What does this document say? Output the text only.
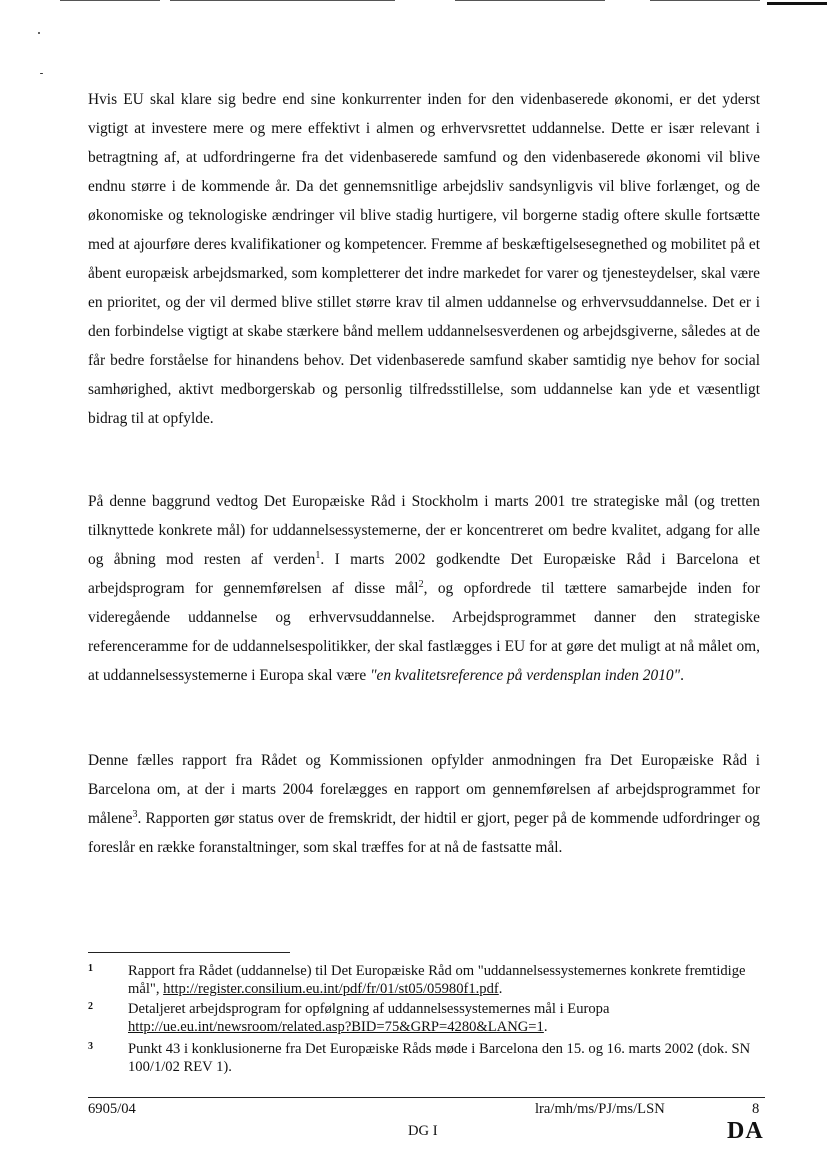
Hvis EU skal klare sig bedre end sine konkurrenter inden for den videnbaserede økonomi, er det yderst vigtigt at investere mere og mere effektivt i almen og erhvervsrettet uddannelse. Dette er især relevant i betragtning af, at udfordringerne fra det videnbaserede samfund og den videnbaserede økonomi vil blive endnu større i de kommende år. Da det gennemsnitlige arbejdsliv sandsynligvis vil blive forlænget, og de økonomiske og teknologiske ændringer vil blive stadig hurtigere, vil borgerne stadig oftere skulle fortsætte med at ajourføre deres kvalifikationer og kompetencer. Fremme af beskæftigelsesegnethed og mobilitet på et åbent europæisk arbejdsmarked, som kompletterer det indre markedet for varer og tjenesteydelser, skal være en prioritet, og der vil dermed blive stillet større krav til almen uddannelse og erhvervsuddannelse. Det er i den forbindelse vigtigt at skabe stærkere bånd mellem uddannelsesverdenen og arbejdsgiverne, således at de får bedre forståelse for hinandens behov. Det videnbaserede samfund skaber samtidig nye behov for social samhørighed, aktivt medborgerskab og personlig tilfredsstillelse, som uddannelse kan yde et væsentligt bidrag til at opfylde.

På denne baggrund vedtog Det Europæiske Råd i Stockholm i marts 2001 tre strategiske mål (og tretten tilknyttede konkrete mål) for uddannelsessystemerne, der er koncentreret om bedre kvalitet, adgang for alle og åbning mod resten af verden$^1$. I marts 2002 godkendte Det Europæiske Råd i Barcelona et arbejdsprogram for gennemførelsen af disse mål$^2$, og opfordrede til tættere samarbejde inden for videregående uddannelse og erhvervsuddannelse. Arbejdsprogrammet danner den strategiske referenceramme for de uddannelsespolitikker, der skal fastlægges i EU for at gøre det muligt at nå målet om, at uddannelsessystemerne i Europa skal være "en kvalitetsreference på verdensplan inden 2010".

Denne fælles rapport fra Rådet og Kommissionen opfylder anmodningen fra Det Europæiske Råd i Barcelona om, at der i marts 2004 forelægges en rapport om gennemførelsen af arbejdsprogrammet for målene$^3$. Rapporten gør status over de fremskridt, der hidtil er gjort, peger på de kommende udfordringer og foreslår en række foranstaltninger, som skal træffes for at nå de fastsatte mål.

1 Rapport fra Rådet (uddannelse) til Det Europæiske Råd om "uddannelsessystemernes konkrete fremtidige mål", http://register.consilium.eu.int/pdf/fr/01/st05/05980f1.pdf.
2 Detaljeret arbejdsprogram for opfølgning af uddannelsessystemernes mål i Europa http://ue.eu.int/newsroom/related.asp?BID=75&GRP=4280&LANG=1.
3 Punkt 43 i konklusionerne fra Det Europæiske Råds møde i Barcelona den 15. og 16. marts 2002 (dok. SN 100/1/02 REV 1).
6905/04
DG I
lra/mh/ms/PJ/ms/LSN	8
DA
